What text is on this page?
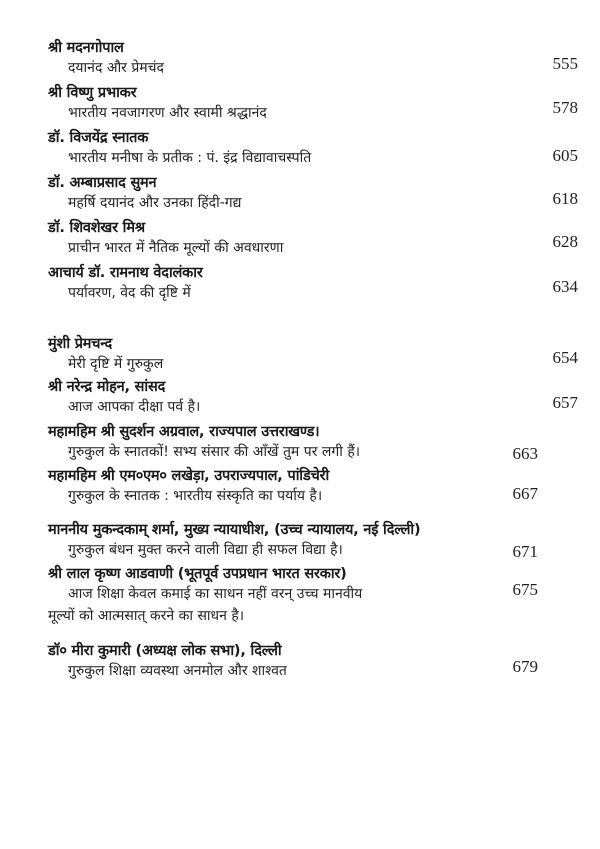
श्री मदनगोपाल
दयानंद और प्रेमचंद	555
श्री विष्णु प्रभाकर
भारतीय नवजागरण और स्वामी श्रद्धानंद	578
डॉ. विजयेंद्र स्नातक
भारतीय मनीषा के प्रतीक : पं. इंद्र विद्यावाचस्पति	605
डॉ. अम्बाप्रसाद सुमन
महर्षि दयानंद और उनका हिंदी-गद्य	618
डॉ. शिवशेखर मिश्र
प्राचीन भारत में नैतिक मूल्यों की अवधारणा	628
आचार्य डॉ. रामनाथ वेदालंकार
पर्यावरण, वेद की दृष्टि में	634
मुंशी प्रेमचन्द
मेरी दृष्टि में गुरुकुल	654
श्री नरेन्द्र मोहन, सांसद
आज आपका दीक्षा पर्व है।	657
महामहिम श्री सुदर्शन अग्रवाल, राज्यपाल उत्तराखण्ड।
गुरुकुल के स्नातकों! सभ्य संसार की आँखें तुम पर लगी हैं।	663
महामहिम श्री एम०एम० लखेड़ा, उपराज्यपाल, पांडिचेरी
गुरुकुल के स्नातक : भारतीय संस्कृति का पर्याय है।	667
माननीय मुकन्दकाम् शर्मा, मुख्य न्यायाधीश, (उच्च न्यायालय, नई दिल्ली)
गुरुकुल बंधन मुक्त करने वाली विद्या ही सफल विद्या है।	671
श्री लाल कृष्ण आडवाणी (भूतपूर्व उपप्रधान भारत सरकार)
आज शिक्षा केवल कमाई का साधन नहीं वरन् उच्च मानवीय	675
मूल्यों को आत्मसात् करने का साधन है।
डॉ० मीरा कुमारी (अध्यक्ष लोक सभा), दिल्ली
गुरुकुल शिक्षा व्यवस्था अनमोल और शाश्वत	679
